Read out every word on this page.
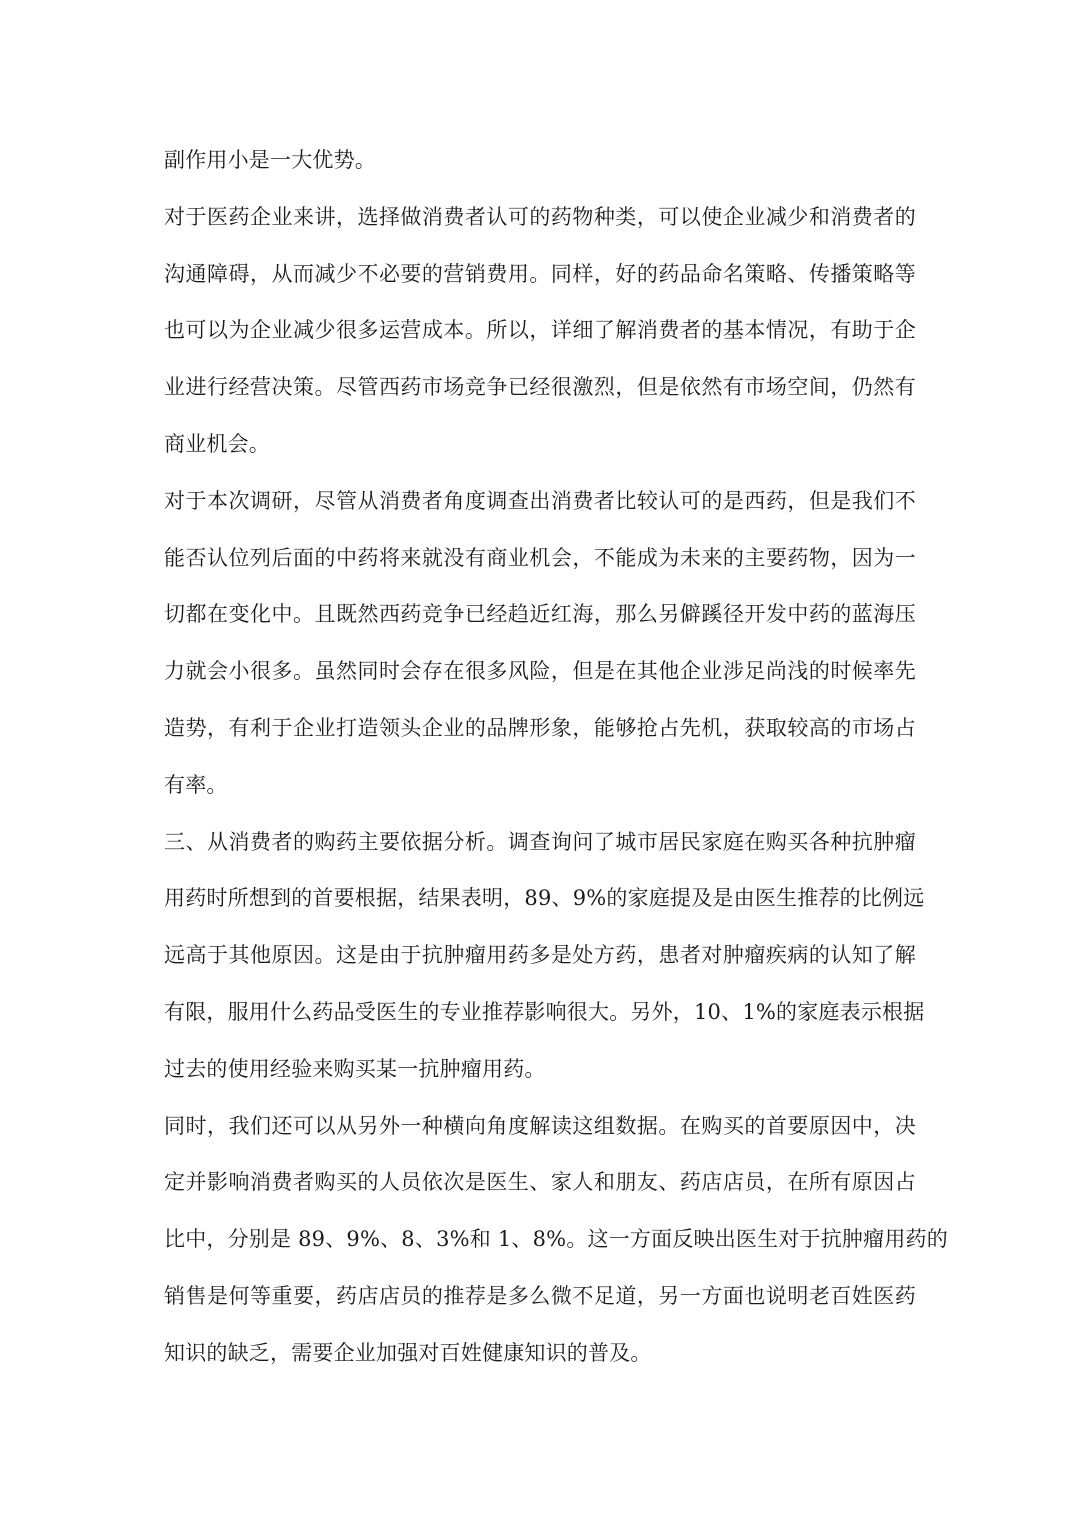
副作用小是一大优势。
对于医药企业来讲，选择做消费者认可的药物种类，可以使企业减少和消费者的
沟通障碍，从而减少不必要的营销费用。同样，好的药品命名策略、传播策略等
也可以为企业减少很多运营成本。所以，详细了解消费者的基本情况，有助于企
业进行经营决策。尽管西药市场竞争已经很激烈，但是依然有市场空间，仍然有
商业机会。
对于本次调研，尽管从消费者角度调查出消费者比较认可的是西药，但是我们不
能否认位列后面的中药将来就没有商业机会，不能成为未来的主要药物，因为一
切都在变化中。且既然西药竞争已经趋近红海，那么另僻蹊径开发中药的蓝海压
力就会小很多。虽然同时会存在很多风险，但是在其他企业涉足尚浅的时候率先
造势，有利于企业打造领头企业的品牌形象，能够抢占先机，获取较高的市场占
有率。
三、从消费者的购药主要依据分析。调查询问了城市居民家庭在购买各种抗肿瘤
用药时所想到的首要根据，结果表明，89、9%的家庭提及是由医生推荐的比例远
远高于其他原因。这是由于抗肿瘤用药多是处方药，患者对肿瘤疾病的认知了解
有限，服用什么药品受医生的专业推荐影响很大。另外，10、1%的家庭表示根据
过去的使用经验来购买某一抗肿瘤用药。
同时，我们还可以从另外一种横向角度解读这组数据。在购买的首要原因中，决
定并影响消费者购买的人员依次是医生、家人和朋友、药店店员，在所有原因占
比中，分别是 89、9%、8、3%和 1、8%。这一方面反映出医生对于抗肿瘤用药的
销售是何等重要，药店店员的推荐是多么微不足道，另一方面也说明老百姓医药
知识的缺乏，需要企业加强对百姓健康知识的普及。
